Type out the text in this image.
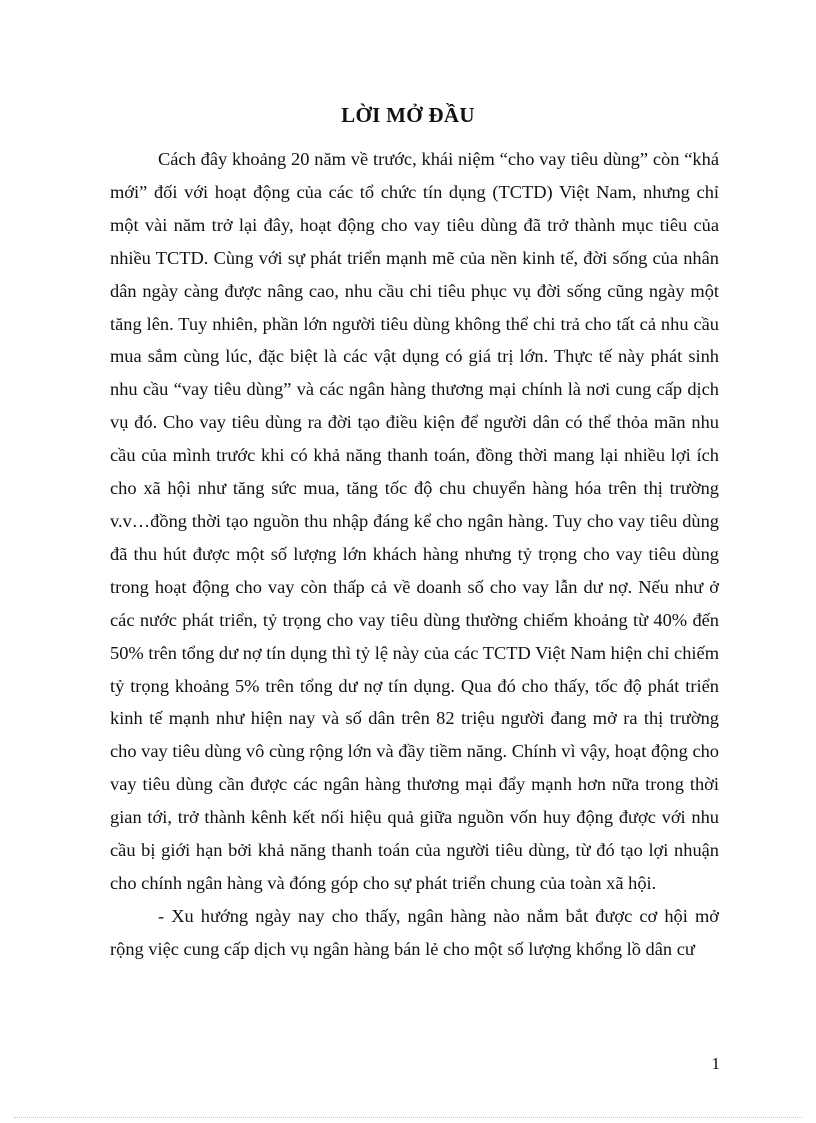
LỜI MỞ ĐẦU

Cách đây khoảng 20 năm về trước, khái niệm “cho vay tiêu dùng” còn “khá mới” đối với hoạt động của các tổ chức tín dụng (TCTD) Việt Nam, nhưng chỉ một vài năm trở lại đây, hoạt động cho vay tiêu dùng đã trở thành mục tiêu của nhiều TCTD. Cùng với sự phát triển mạnh mẽ của nền kinh tế, đời sống của nhân dân ngày càng được nâng cao, nhu cầu chi tiêu phục vụ đời sống cũng ngày một tăng lên. Tuy nhiên, phần lớn người tiêu dùng không thể chi trả cho tất cả nhu cầu mua sắm cùng lúc, đặc biệt là các vật dụng có giá trị lớn. Thực tế này phát sinh nhu cầu “vay tiêu dùng” và các ngân hàng thương mại chính là nơi cung cấp dịch vụ đó. Cho vay tiêu dùng ra đời tạo điều kiện để người dân có thể thỏa mãn nhu cầu của mình trước khi có khả năng thanh toán, đồng thời mang lại nhiều lợi ích cho xã hội như tăng sức mua, tăng tốc độ chu chuyển hàng hóa trên thị trường v.v…đồng thời tạo nguồn thu nhập đáng kể cho ngân hàng. Tuy cho vay tiêu dùng đã thu hút được một số lượng lớn khách hàng nhưng tỷ trọng cho vay tiêu dùng trong hoạt động cho vay còn thấp cả về doanh số cho vay lẫn dư nợ. Nếu như ở các nước phát triển, tỷ trọng cho vay tiêu dùng thường chiếm khoảng từ 40% đến 50% trên tổng dư nợ tín dụng thì tỷ lệ này của các TCTD Việt Nam hiện chỉ chiếm tỷ trọng khoảng 5% trên tổng dư nợ tín dụng. Qua đó cho thấy, tốc độ phát triển kinh tế mạnh như hiện nay và số dân trên 82 triệu người đang mở ra thị trường cho vay tiêu dùng vô cùng rộng lớn và đầy tiềm năng. Chính vì vậy, hoạt động cho vay tiêu dùng cần được các ngân hàng thương mại đẩy mạnh hơn nữa trong thời gian tới, trở thành kênh kết nối hiệu quả giữa nguồn vốn huy động được với nhu cầu bị giới hạn bởi khả năng thanh toán của người tiêu dùng, từ đó tạo lợi nhuận cho chính ngân hàng và đóng góp cho sự phát triển chung của toàn xã hội.

- Xu hướng ngày nay cho thấy, ngân hàng nào nắm bắt được cơ hội mở rộng việc cung cấp dịch vụ ngân hàng bán lẻ cho một số lượng khổng lồ dân cư

1
